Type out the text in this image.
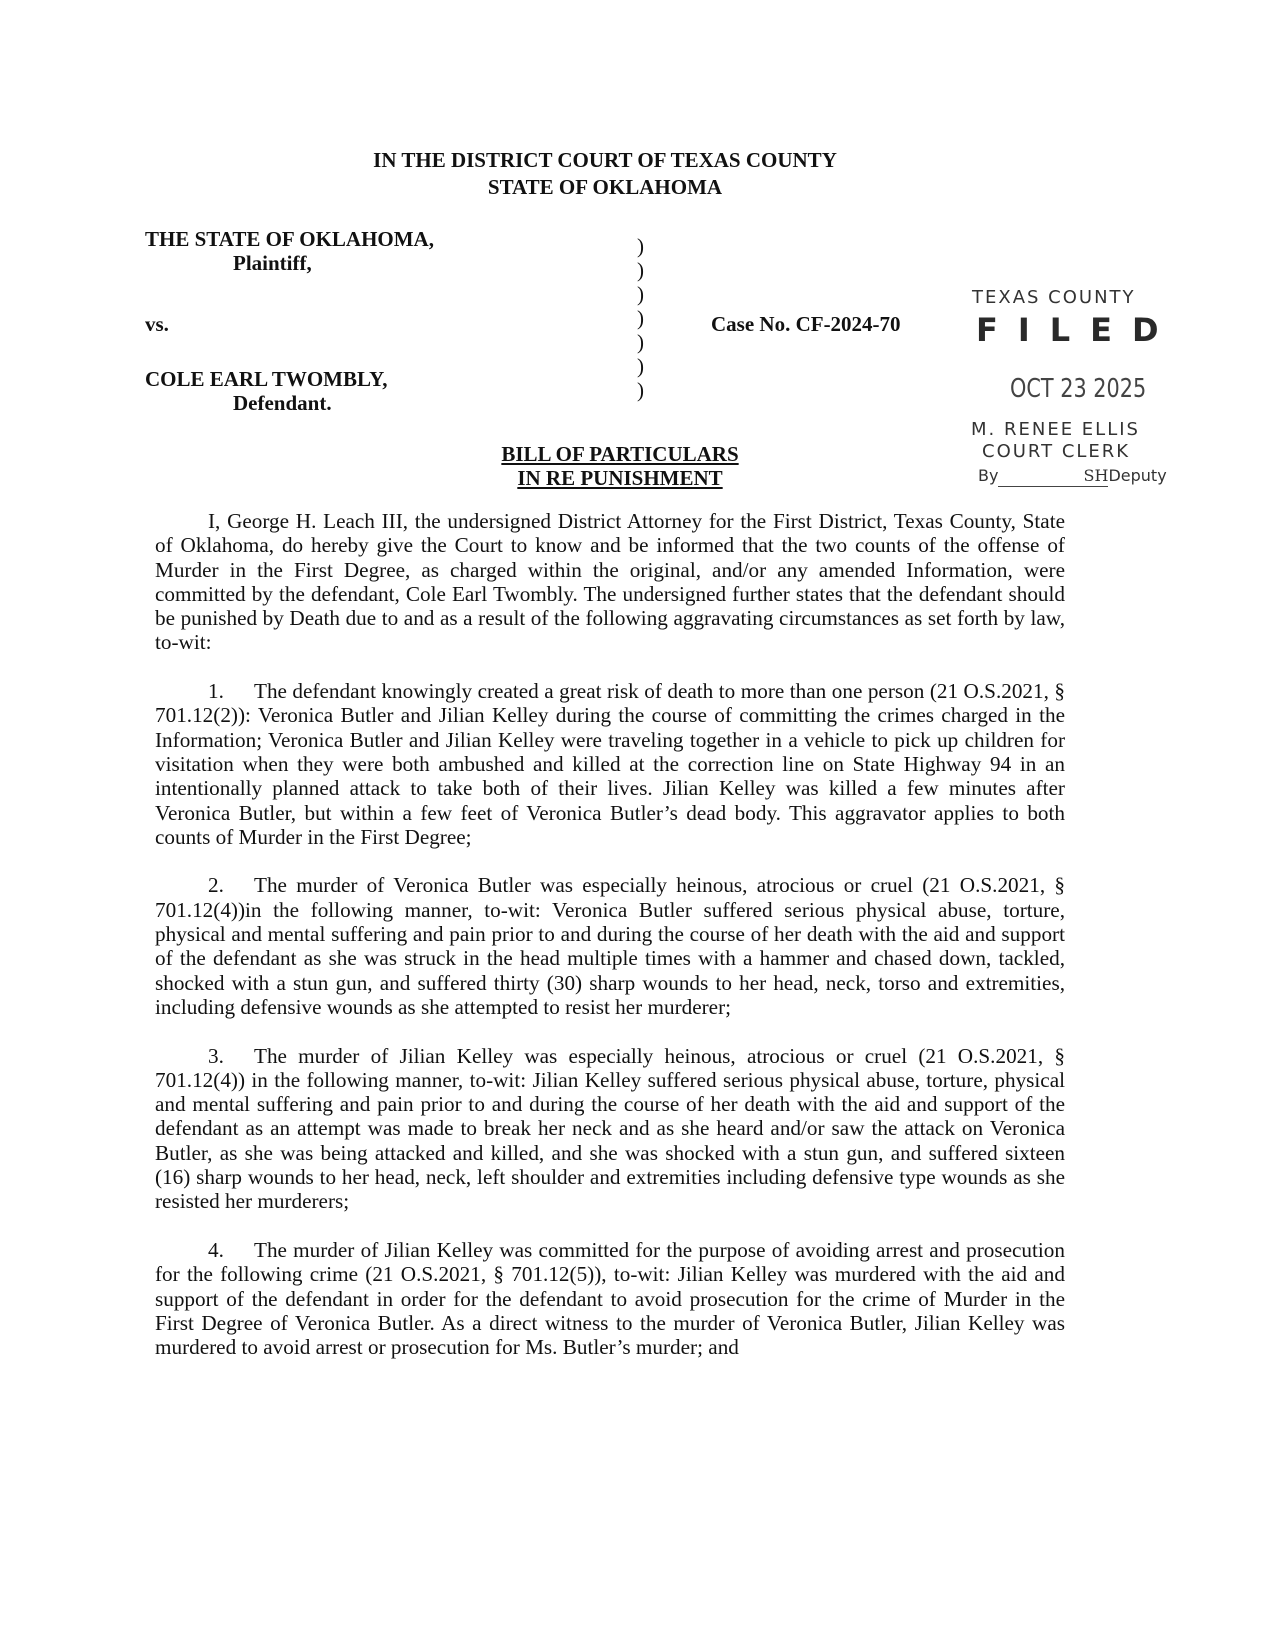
IN THE DISTRICT COURT OF TEXAS COUNTY
STATE OF OKLAHOMA
THE STATE OF OKLAHOMA,
Plaintiff,
vs.
COLE EARL TWOMBLY,
Defendant.
)
)
)
)
)
)
)
Case No. CF-2024-70
TEXAS COUNTY
FILED
OCT 23 2025
M. RENEE ELLIS
COURT CLERK
By	SHDeputy
BILL OF PARTICULARS
IN RE PUNISHMENT

I, George H. Leach III, the undersigned District Attorney for the First District, Texas County, State of Oklahoma, do hereby give the Court to know and be informed that the two counts of the offense of Murder in the First Degree, as charged within the original, and/or any amended Information, were committed by the defendant, Cole Earl Twombly. The undersigned further states that the defendant should be punished by Death due to and as a result of the following aggravating circumstances as set forth by law, to-wit:

1. The defendant knowingly created a great risk of death to more than one person (21 O.S.2021, § 701.12(2)): Veronica Butler and Jilian Kelley during the course of committing the crimes charged in the Information; Veronica Butler and Jilian Kelley were traveling together in a vehicle to pick up children for visitation when they were both ambushed and killed at the correction line on State Highway 94 in an intentionally planned attack to take both of their lives. Jilian Kelley was killed a few minutes after Veronica Butler, but within a few feet of Veronica Butler’s dead body. This aggravator applies to both counts of Murder in the First Degree;

2. The murder of Veronica Butler was especially heinous, atrocious or cruel (21 O.S.2021, § 701.12(4))in the following manner, to-wit: Veronica Butler suffered serious physical abuse, torture, physical and mental suffering and pain prior to and during the course of her death with the aid and support of the defendant as she was struck in the head multiple times with a hammer and chased down, tackled, shocked with a stun gun, and suffered thirty (30) sharp wounds to her head, neck, torso and extremities, including defensive wounds as she attempted to resist her murderer;

3. The murder of Jilian Kelley was especially heinous, atrocious or cruel (21 O.S.2021, § 701.12(4)) in the following manner, to-wit: Jilian Kelley suffered serious physical abuse, torture, physical and mental suffering and pain prior to and during the course of her death with the aid and support of the defendant as an attempt was made to break her neck and as she heard and/or saw the attack on Veronica Butler, as she was being attacked and killed, and she was shocked with a stun gun, and suffered sixteen (16) sharp wounds to her head, neck, left shoulder and extremities including defensive type wounds as she resisted her murderers;

4. The murder of Jilian Kelley was committed for the purpose of avoiding arrest and prosecution for the following crime (21 O.S.2021, § 701.12(5)), to-wit: Jilian Kelley was murdered with the aid and support of the defendant in order for the defendant to avoid prosecution for the crime of Murder in the First Degree of Veronica Butler. As a direct witness to the murder of Veronica Butler, Jilian Kelley was murdered to avoid arrest or prosecution for Ms. Butler’s murder; and
